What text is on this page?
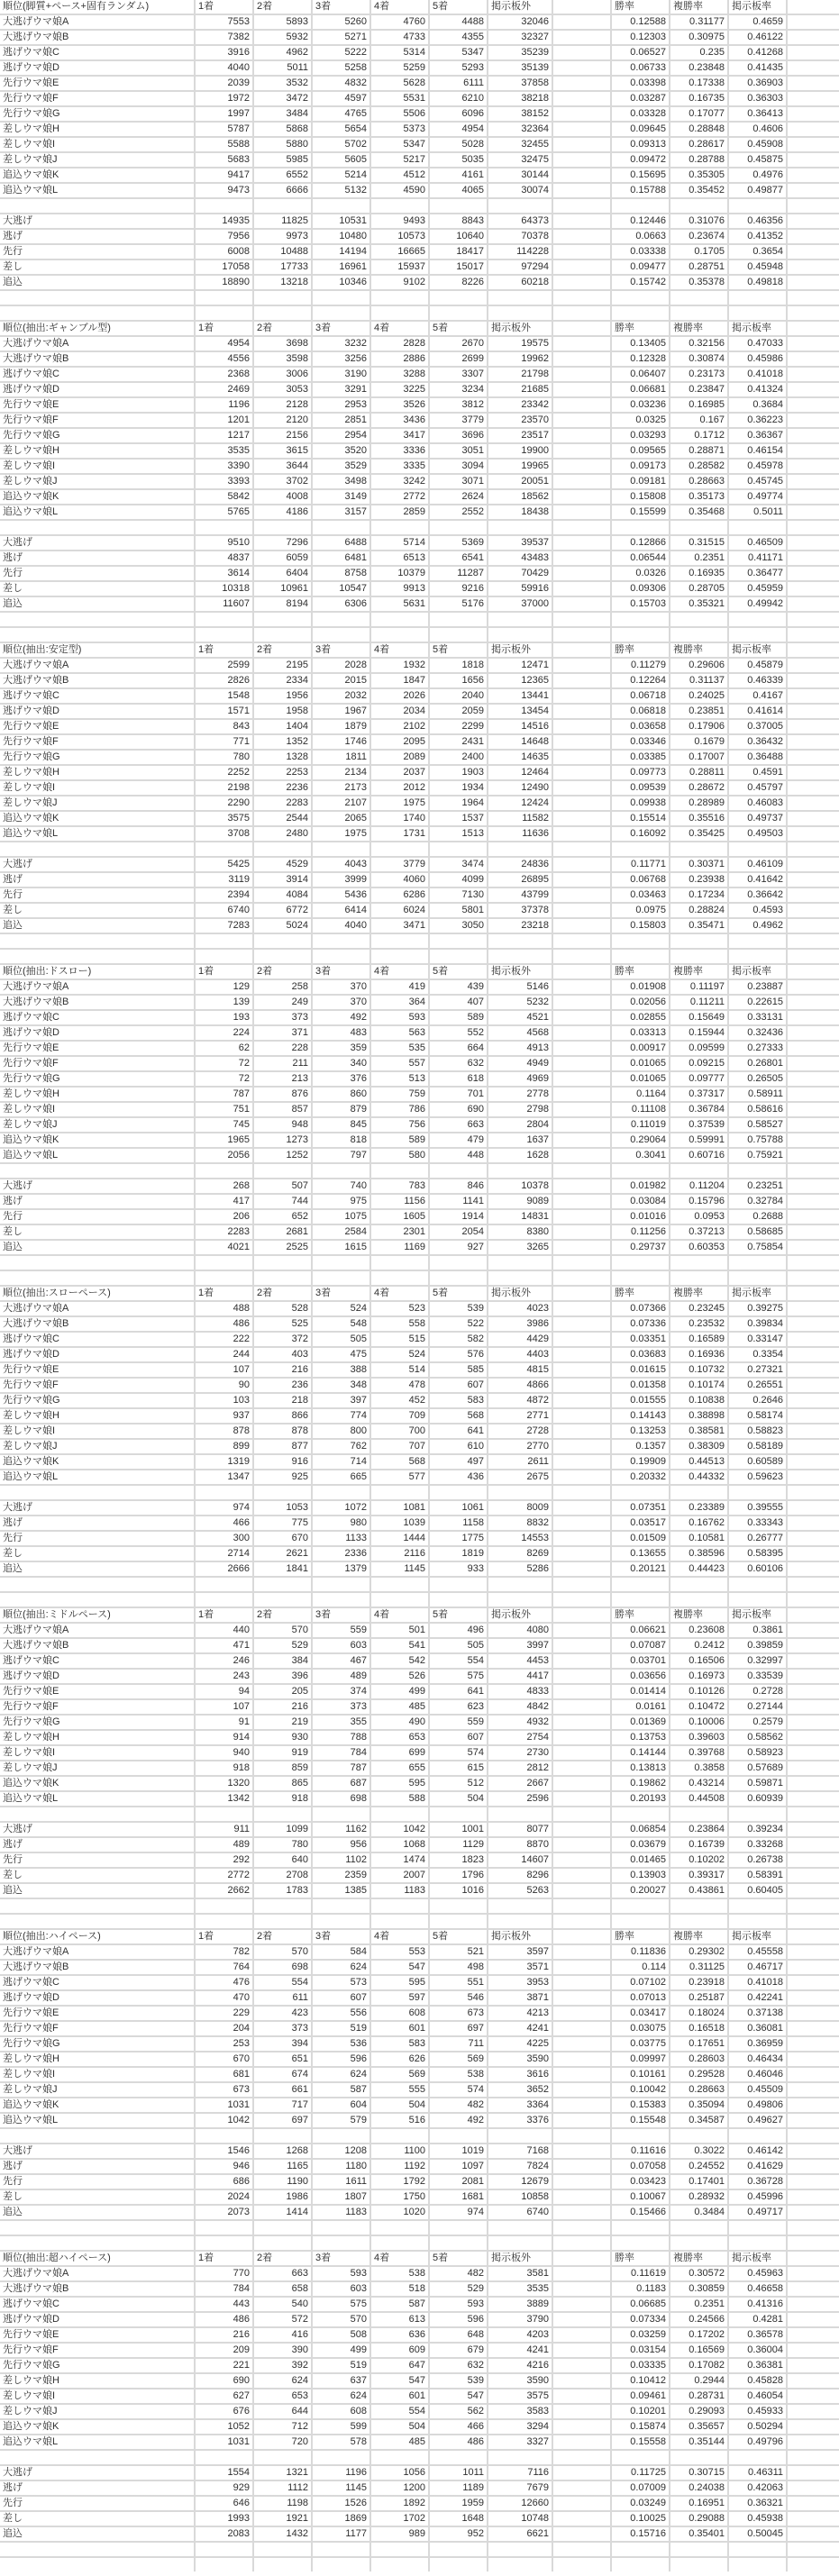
順位(脚質+ペース+固有ランダム)	1着	2着	3着	4着	5着	掲示板外	勝率	複勝率	掲示板率
大逃げウマ娘A	7553	5893	5260	4760	4488	32046	0.12588	0.31177	0.4659
大逃げウマ娘B	7382	5932	5271	4733	4355	32327	0.12303	0.30975	0.46122
逃げウマ娘C	3916	4962	5222	5314	5347	35239	0.06527	0.235	0.41268
逃げウマ娘D	4040	5011	5258	5259	5293	35139	0.06733	0.23848	0.41435
先行ウマ娘E	2039	3532	4832	5628	6111	37858	0.03398	0.17338	0.36903
先行ウマ娘F	1972	3472	4597	5531	6210	38218	0.03287	0.16735	0.36303
先行ウマ娘G	1997	3484	4765	5506	6096	38152	0.03328	0.17077	0.36413
差しウマ娘H	5787	5868	5654	5373	4954	32364	0.09645	0.28848	0.4606
差しウマ娘I	5588	5880	5702	5347	5028	32455	0.09313	0.28617	0.45908
差しウマ娘J	5683	5985	5605	5217	5035	32475	0.09472	0.28788	0.45875
追込ウマ娘K	9417	6552	5214	4512	4161	30144	0.15695	0.35305	0.4976
追込ウマ娘L	9473	6666	5132	4590	4065	30074	0.15788	0.35452	0.49877
大逃げ	14935	11825	10531	9493	8843	64373	0.12446	0.31076	0.46356
逃げ	7956	9973	10480	10573	10640	70378	0.0663	0.23674	0.41352
先行	6008	10488	14194	16665	18417	114228	0.03338	0.1705	0.3654
差し	17058	17733	16961	15937	15017	97294	0.09477	0.28751	0.45948
追込	18890	13218	10346	9102	8226	60218	0.15742	0.35378	0.49818
順位(抽出:ギャンブル型)	1着	2着	3着	4着	5着	掲示板外	勝率	複勝率	掲示板率
大逃げウマ娘A	4954	3698	3232	2828	2670	19575	0.13405	0.32156	0.47033
大逃げウマ娘B	4556	3598	3256	2886	2699	19962	0.12328	0.30874	0.45986
逃げウマ娘C	2368	3006	3190	3288	3307	21798	0.06407	0.23173	0.41018
逃げウマ娘D	2469	3053	3291	3225	3234	21685	0.06681	0.23847	0.41324
先行ウマ娘E	1196	2128	2953	3526	3812	23342	0.03236	0.16985	0.3684
先行ウマ娘F	1201	2120	2851	3436	3779	23570	0.0325	0.167	0.36223
先行ウマ娘G	1217	2156	2954	3417	3696	23517	0.03293	0.1712	0.36367
差しウマ娘H	3535	3615	3520	3336	3051	19900	0.09565	0.28871	0.46154
差しウマ娘I	3390	3644	3529	3335	3094	19965	0.09173	0.28582	0.45978
差しウマ娘J	3393	3702	3498	3242	3071	20051	0.09181	0.28663	0.45745
追込ウマ娘K	5842	4008	3149	2772	2624	18562	0.15808	0.35173	0.49774
追込ウマ娘L	5765	4186	3157	2859	2552	18438	0.15599	0.35468	0.5011
大逃げ	9510	7296	6488	5714	5369	39537	0.12866	0.31515	0.46509
逃げ	4837	6059	6481	6513	6541	43483	0.06544	0.2351	0.41171
先行	3614	6404	8758	10379	11287	70429	0.0326	0.16935	0.36477
差し	10318	10961	10547	9913	9216	59916	0.09306	0.28705	0.45959
追込	11607	8194	6306	5631	5176	37000	0.15703	0.35321	0.49942
順位(抽出:安定型)	1着	2着	3着	4着	5着	掲示板外	勝率	複勝率	掲示板率
大逃げウマ娘A	2599	2195	2028	1932	1818	12471	0.11279	0.29606	0.45879
大逃げウマ娘B	2826	2334	2015	1847	1656	12365	0.12264	0.31137	0.46339
逃げウマ娘C	1548	1956	2032	2026	2040	13441	0.06718	0.24025	0.4167
逃げウマ娘D	1571	1958	1967	2034	2059	13454	0.06818	0.23851	0.41614
先行ウマ娘E	843	1404	1879	2102	2299	14516	0.03658	0.17906	0.37005
先行ウマ娘F	771	1352	1746	2095	2431	14648	0.03346	0.1679	0.36432
先行ウマ娘G	780	1328	1811	2089	2400	14635	0.03385	0.17007	0.36488
差しウマ娘H	2252	2253	2134	2037	1903	12464	0.09773	0.28811	0.4591
差しウマ娘I	2198	2236	2173	2012	1934	12490	0.09539	0.28672	0.45797
差しウマ娘J	2290	2283	2107	1975	1964	12424	0.09938	0.28989	0.46083
追込ウマ娘K	3575	2544	2065	1740	1537	11582	0.15514	0.35516	0.49737
追込ウマ娘L	3708	2480	1975	1731	1513	11636	0.16092	0.35425	0.49503
大逃げ	5425	4529	4043	3779	3474	24836	0.11771	0.30371	0.46109
逃げ	3119	3914	3999	4060	4099	26895	0.06768	0.23938	0.41642
先行	2394	4084	5436	6286	7130	43799	0.03463	0.17234	0.36642
差し	6740	6772	6414	6024	5801	37378	0.0975	0.28824	0.4593
追込	7283	5024	4040	3471	3050	23218	0.15803	0.35471	0.4962
順位(抽出:ドスロー)	1着	2着	3着	4着	5着	掲示板外	勝率	複勝率	掲示板率
大逃げウマ娘A	129	258	370	419	439	5146	0.01908	0.11197	0.23887
大逃げウマ娘B	139	249	370	364	407	5232	0.02056	0.11211	0.22615
逃げウマ娘C	193	373	492	593	589	4521	0.02855	0.15649	0.33131
逃げウマ娘D	224	371	483	563	552	4568	0.03313	0.15944	0.32436
先行ウマ娘E	62	228	359	535	664	4913	0.00917	0.09599	0.27333
先行ウマ娘F	72	211	340	557	632	4949	0.01065	0.09215	0.26801
先行ウマ娘G	72	213	376	513	618	4969	0.01065	0.09777	0.26505
差しウマ娘H	787	876	860	759	701	2778	0.1164	0.37317	0.58911
差しウマ娘I	751	857	879	786	690	2798	0.11108	0.36784	0.58616
差しウマ娘J	745	948	845	756	663	2804	0.11019	0.37539	0.58527
追込ウマ娘K	1965	1273	818	589	479	1637	0.29064	0.59991	0.75788
追込ウマ娘L	2056	1252	797	580	448	1628	0.3041	0.60716	0.75921
大逃げ	268	507	740	783	846	10378	0.01982	0.11204	0.23251
逃げ	417	744	975	1156	1141	9089	0.03084	0.15796	0.32784
先行	206	652	1075	1605	1914	14831	0.01016	0.0953	0.2688
差し	2283	2681	2584	2301	2054	8380	0.11256	0.37213	0.58685
追込	4021	2525	1615	1169	927	3265	0.29737	0.60353	0.75854
順位(抽出:スローペース)	1着	2着	3着	4着	5着	掲示板外	勝率	複勝率	掲示板率
大逃げウマ娘A	488	528	524	523	539	4023	0.07366	0.23245	0.39275
大逃げウマ娘B	486	525	548	558	522	3986	0.07336	0.23532	0.39834
逃げウマ娘C	222	372	505	515	582	4429	0.03351	0.16589	0.33147
逃げウマ娘D	244	403	475	524	576	4403	0.03683	0.16936	0.3354
先行ウマ娘E	107	216	388	514	585	4815	0.01615	0.10732	0.27321
先行ウマ娘F	90	236	348	478	607	4866	0.01358	0.10174	0.26551
先行ウマ娘G	103	218	397	452	583	4872	0.01555	0.10838	0.2646
差しウマ娘H	937	866	774	709	568	2771	0.14143	0.38898	0.58174
差しウマ娘I	878	878	800	700	641	2728	0.13253	0.38581	0.58823
差しウマ娘J	899	877	762	707	610	2770	0.1357	0.38309	0.58189
追込ウマ娘K	1319	916	714	568	497	2611	0.19909	0.44513	0.60589
追込ウマ娘L	1347	925	665	577	436	2675	0.20332	0.44332	0.59623
大逃げ	974	1053	1072	1081	1061	8009	0.07351	0.23389	0.39555
逃げ	466	775	980	1039	1158	8832	0.03517	0.16762	0.33343
先行	300	670	1133	1444	1775	14553	0.01509	0.10581	0.26777
差し	2714	2621	2336	2116	1819	8269	0.13655	0.38596	0.58395
追込	2666	1841	1379	1145	933	5286	0.20121	0.44423	0.60106
順位(抽出:ミドルペース)	1着	2着	3着	4着	5着	掲示板外	勝率	複勝率	掲示板率
大逃げウマ娘A	440	570	559	501	496	4080	0.06621	0.23608	0.3861
大逃げウマ娘B	471	529	603	541	505	3997	0.07087	0.2412	0.39859
逃げウマ娘C	246	384	467	542	554	4453	0.03701	0.16506	0.32997
逃げウマ娘D	243	396	489	526	575	4417	0.03656	0.16973	0.33539
先行ウマ娘E	94	205	374	499	641	4833	0.01414	0.10126	0.2728
先行ウマ娘F	107	216	373	485	623	4842	0.0161	0.10472	0.27144
先行ウマ娘G	91	219	355	490	559	4932	0.01369	0.10006	0.2579
差しウマ娘H	914	930	788	653	607	2754	0.13753	0.39603	0.58562
差しウマ娘I	940	919	784	699	574	2730	0.14144	0.39768	0.58923
差しウマ娘J	918	859	787	655	615	2812	0.13813	0.3858	0.57689
追込ウマ娘K	1320	865	687	595	512	2667	0.19862	0.43214	0.59871
追込ウマ娘L	1342	918	698	588	504	2596	0.20193	0.44508	0.60939
大逃げ	911	1099	1162	1042	1001	8077	0.06854	0.23864	0.39234
逃げ	489	780	956	1068	1129	8870	0.03679	0.16739	0.33268
先行	292	640	1102	1474	1823	14607	0.01465	0.10202	0.26738
差し	2772	2708	2359	2007	1796	8296	0.13903	0.39317	0.58391
追込	2662	1783	1385	1183	1016	5263	0.20027	0.43861	0.60405
順位(抽出:ハイペース)	1着	2着	3着	4着	5着	掲示板外	勝率	複勝率	掲示板率
大逃げウマ娘A	782	570	584	553	521	3597	0.11836	0.29302	0.45558
大逃げウマ娘B	764	698	624	547	498	3571	0.114	0.31125	0.46717
逃げウマ娘C	476	554	573	595	551	3953	0.07102	0.23918	0.41018
逃げウマ娘D	470	611	607	597	546	3871	0.07013	0.25187	0.42241
先行ウマ娘E	229	423	556	608	673	4213	0.03417	0.18024	0.37138
先行ウマ娘F	204	373	519	601	697	4241	0.03075	0.16518	0.36081
先行ウマ娘G	253	394	536	583	711	4225	0.03775	0.17651	0.36959
差しウマ娘H	670	651	596	626	569	3590	0.09997	0.28603	0.46434
差しウマ娘I	681	674	624	569	538	3616	0.10161	0.29528	0.46046
差しウマ娘J	673	661	587	555	574	3652	0.10042	0.28663	0.45509
追込ウマ娘K	1031	717	604	504	482	3364	0.15383	0.35094	0.49806
追込ウマ娘L	1042	697	579	516	492	3376	0.15548	0.34587	0.49627
大逃げ	1546	1268	1208	1100	1019	7168	0.11616	0.3022	0.46142
逃げ	946	1165	1180	1192	1097	7824	0.07058	0.24552	0.41629
先行	686	1190	1611	1792	2081	12679	0.03423	0.17401	0.36728
差し	2024	1986	1807	1750	1681	10858	0.10067	0.28932	0.45996
追込	2073	1414	1183	1020	974	6740	0.15466	0.3484	0.49717
順位(抽出:超ハイペース)	1着	2着	3着	4着	5着	掲示板外	勝率	複勝率	掲示板率
大逃げウマ娘A	770	663	593	538	482	3581	0.11619	0.30572	0.45963
大逃げウマ娘B	784	658	603	518	529	3535	0.1183	0.30859	0.46658
逃げウマ娘C	443	540	575	587	593	3889	0.06685	0.2351	0.41316
逃げウマ娘D	486	572	570	613	596	3790	0.07334	0.24566	0.4281
先行ウマ娘E	216	416	508	636	648	4203	0.03259	0.17202	0.36578
先行ウマ娘F	209	390	499	609	679	4241	0.03154	0.16569	0.36004
先行ウマ娘G	221	392	519	647	632	4216	0.03335	0.17082	0.36381
差しウマ娘H	690	624	637	547	539	3590	0.10412	0.2944	0.45828
差しウマ娘I	627	653	624	601	547	3575	0.09461	0.28731	0.46054
差しウマ娘J	676	644	608	554	562	3583	0.10201	0.29093	0.45933
追込ウマ娘K	1052	712	599	504	466	3294	0.15874	0.35657	0.50294
追込ウマ娘L	1031	720	578	485	486	3327	0.15558	0.35144	0.49796
大逃げ	1554	1321	1196	1056	1011	7116	0.11725	0.30715	0.46311
逃げ	929	1112	1145	1200	1189	7679	0.07009	0.24038	0.42063
先行	646	1198	1526	1892	1959	12660	0.03249	0.16951	0.36321
差し	1993	1921	1869	1702	1648	10748	0.10025	0.29088	0.45938
追込	2083	1432	1177	989	952	6621	0.15716	0.35401	0.50045
